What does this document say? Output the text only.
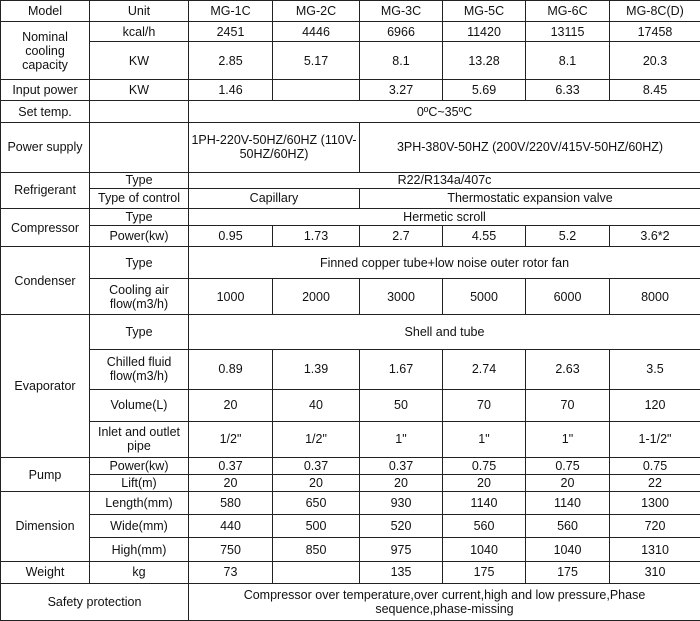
Model	Unit	MG-1C	MG-2C	MG-3C	MG-5C	MG-6C	MG-8C(D)
Nominal cooling capacity	kcal/h	2451	4446	6966	11420	13115	17458
	KW	2.85	5.17	8.1	13.28	8.1	20.3
Input power	KW	1.46		3.27	5.69	6.33	8.45
Set temp.		0ºC~35ºC					
Power supply		1PH-220V-50HZ/60HZ (110V-50HZ/60HZ)		3PH-380V-50HZ (200V/220V/415V-50HZ/60HZ)			
Refrigerant	Type	R22/R134a/407c					
	Type of control	Capillary		Thermostatic expansion valve			
Compressor	Type	Hermetic scroll					
	Power(kw)	0.95	1.73	2.7	4.55	5.2	3.6*2
Condenser	Type	Finned copper tube+low noise outer rotor fan					
	Cooling air flow(m3/h)	1000	2000	3000	5000	6000	8000
Evaporator	Type	Shell and tube					
	Chilled fluid flow(m3/h)	0.89	1.39	1.67	2.74	2.63	3.5
	Volume(L)	20	40	50	70	70	120
	Inlet and outlet pipe	1/2"	1/2"	1"	1"	1"	1-1/2"
Pump	Power(kw)	0.37	0.37	0.37	0.75	0.75	0.75
	Lift(m)	20	20	20	20	20	22
Dimension	Length(mm)	580	650	930	1140	1140	1300
	Wide(mm)	440	500	520	560	560	720
	High(mm)	750	850	975	1040	1040	1310
Weight	kg	73		135	175	175	310
Safety protection		Compressor over temperature,over current,high and low pressure,Phase sequence,phase-missing					
